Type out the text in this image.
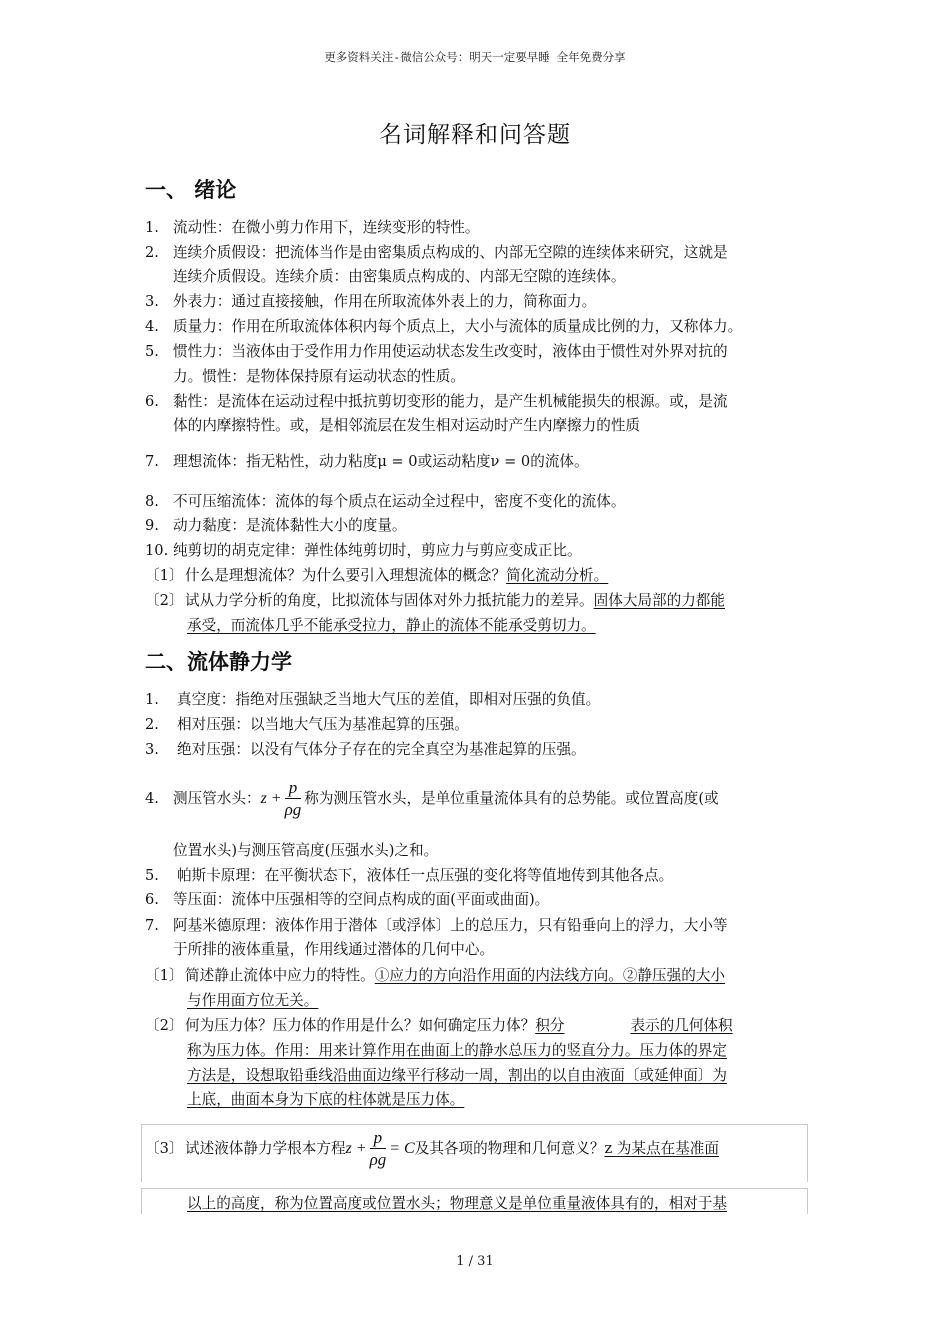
更多资料关注-微信公众号：明天一定要早睡 全年免费分享
名词解释和问答题
一、 绪论
1. 流动性：在微小剪力作用下，连续变形的特性。
2. 连续介质假设：把流体当作是由密集质点构成的、内部无空隙的连续体来研究，这就是
连续介质假设。连续介质：由密集质点构成的、内部无空隙的连续体。
3. 外表力：通过直接接触，作用在所取流体外表上的力，简称面力。
4. 质量力：作用在所取流体体积内每个质点上，大小与流体的质量成比例的力，又称体力。
5. 惯性力：当液体由于受作用力作用使运动状态发生改变时，液体由于惯性对外界对抗的
力。惯性：是物体保持原有运动状态的性质。
6. 黏性：是流体在运动过程中抵抗剪切变形的能力，是产生机械能损失的根源。或，是流
体的内摩擦特性。或，是相邻流层在发生相对运动时产生内摩擦力的性质
7. 理想流体：指无粘性，动力粘度μ = 0或运动粘度ν = 0的流体。
8. 不可压缩流体：流体的每个质点在运动全过程中，密度不变化的流体。
9. 动力黏度：是流体黏性大小的度量。
10. 纯剪切的胡克定律：弹性体纯剪切时，剪应力与剪应变成正比。
〔1〕 什么是理想流体？为什么要引入理想流体的概念？简化流动分析。
〔2〕 试从力学分析的角度，比拟流体与固体对外力抵抗能力的差异。固体大局部的力都能
承受，而流体几乎不能承受拉力，静止的流体不能承受剪切力。
二、流体静力学
1. 真空度：指绝对压强缺乏当地大气压的差值，即相对压强的负值。
2. 相对压强：以当地大气压为基准起算的压强。
3. 绝对压强：以没有气体分子存在的完全真空为基准起算的压强。
4. 测压管水头：$z + \frac{p}{\rho g}$ 称为测压管水头，是单位重量流体具有的总势能。或位置高度(或
位置水头)与测压管高度(压强水头)之和。
5. 帕斯卡原理：在平衡状态下，液体任一点压强的变化将等值地传到其他各点。
6. 等压面：流体中压强相等的空间点构成的面(平面或曲面)。
7. 阿基米德原理：液体作用于潜体〔或浮体〕上的总压力，只有铅垂向上的浮力，大小等
于所排的液体重量，作用线通过潜体的几何中心。
〔1〕 简述静止流体中应力的特性。①应力的方向沿作用面的内法线方向。②静压强的大小
与作用面方位无关。
〔2〕 何为压力体？压力体的作用是什么？如何确定压力体？积分	表示的几何体积
称为压力体。作用：用来计算作用在曲面上的静水总压力的竖直分力。压力体的界定
方法是，设想取铅垂线沿曲面边缘平行移动一周，割出的以自由液面〔或延伸面〕为
上底，曲面本身为下底的柱体就是压力体。
〔3〕 试述液体静力学根本方程$z + \frac{p}{\rho g} = C$及其各项的物理和几何意义？z 为某点在基准面
以上的高度，称为位置高度或位置水头；物理意义是单位重量液体具有的，相对于基
1 / 31
